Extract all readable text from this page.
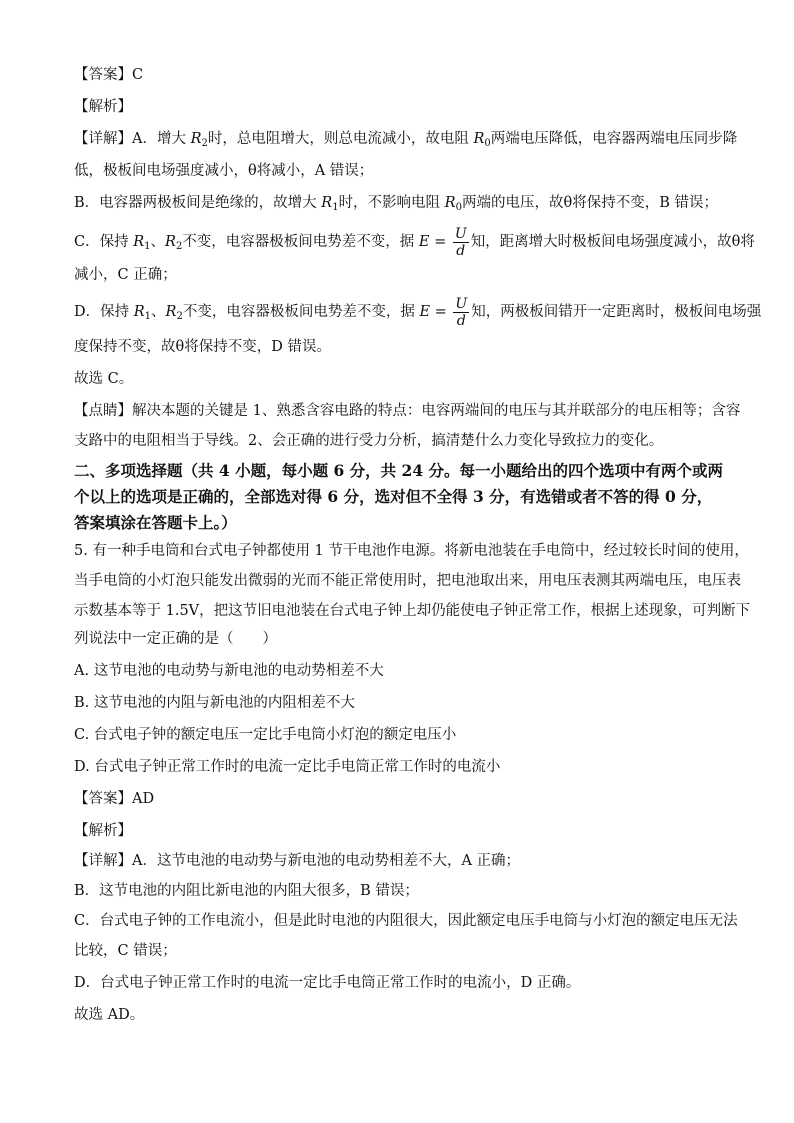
【答案】C
【解析】
【详解】A．增大 $R_2$时，总电阻增大，则总电流减小，故电阻 $R_0$两端电压降低，电容器两端电压同步降
低，极板间电场强度减小，θ将减小，A 错误；
B．电容器两极板间是绝缘的，故增大 $R_1$时，不影响电阻 $R_0$两端的电压，故θ将保持不变，B 错误；
C．保持 $R_1$、$R_2$不变，电容器极板间电势差不变，据 $E = \frac{U}{d}$ 知，距离增大时极板间电场强度减小，故θ将
减小，C 正确；
D．保持 $R_1$、$R_2$不变，电容器极板间电势差不变，据 $E = \frac{U}{d}$ 知，两极板间错开一定距离时，极板间电场强
度保持不变，故θ将保持不变，D 错误。
故选 C。
【点睛】解决本题的关键是 1、熟悉含容电路的特点：电容两端间的电压与其并联部分的电压相等；含容
支路中的电阻相当于导线。2、会正确的进行受力分析，搞清楚什么力变化导致拉力的变化。
二、多项选择题（共 4 小题，每小题 6 分，共 24 分。每一小题给出的四个选项中有两个或两
个以上的选项是正确的，全部选对得 6 分，选对但不全得 3 分，有选错或者不答的得 0 分，
答案填涂在答题卡上。）
5. 有一种手电筒和台式电子钟都使用 1 节干电池作电源。将新电池装在手电筒中，经过较长时间的使用，
当手电筒的小灯泡只能发出微弱的光而不能正常使用时，把电池取出来，用电压表测其两端电压，电压表
示数基本等于 1.5V，把这节旧电池装在台式电子钟上却仍能使电子钟正常工作，根据上述现象，可判断下
列说法中一定正确的是（　　）
A. 这节电池的电动势与新电池的电动势相差不大
B. 这节电池的内阻与新电池的内阻相差不大
C. 台式电子钟的额定电压一定比手电筒小灯泡的额定电压小
D. 台式电子钟正常工作时的电流一定比手电筒正常工作时的电流小
【答案】AD
【解析】
【详解】A．这节电池的电动势与新电池的电动势相差不大，A 正确；
B．这节电池的内阻比新电池的内阻大很多，B 错误；
C．台式电子钟的工作电流小，但是此时电池的内阻很大，因此额定电压手电筒与小灯泡的额定电压无法
比较，C 错误；
D．台式电子钟正常工作时的电流一定比手电筒正常工作时的电流小，D 正确。
故选 AD。
